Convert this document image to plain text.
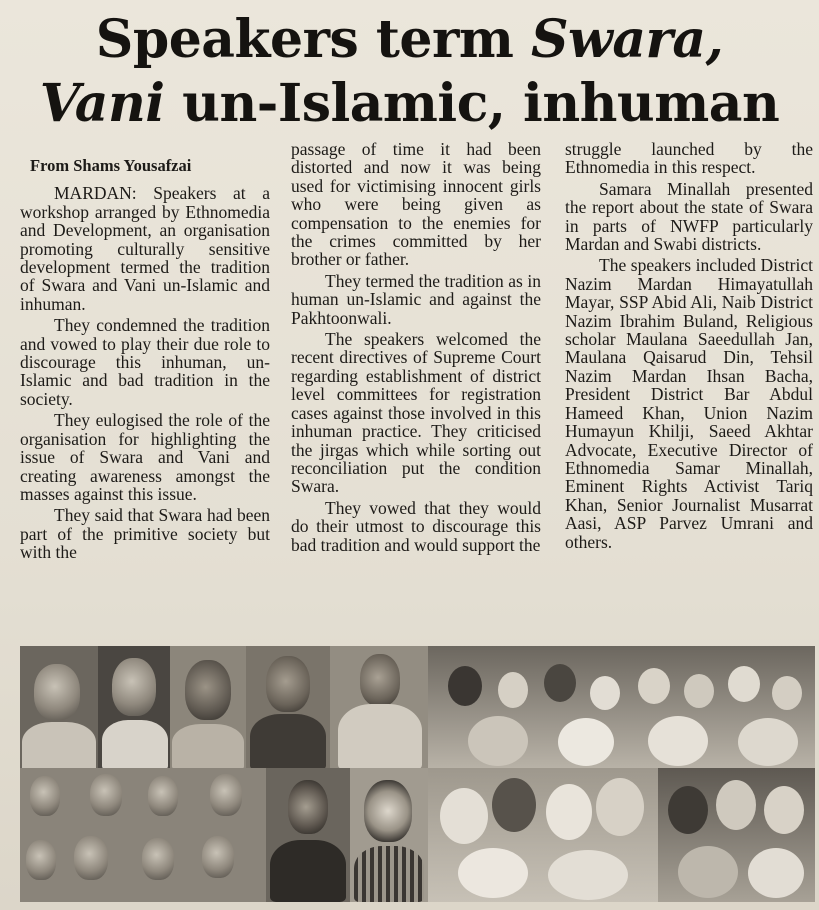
Speakers term Swara,
Vani un-Islamic, inhuman
From Shams Yousafzai

MARDAN: Speakers at a workshop arranged by Ethnomedia and Development, an organisation promoting culturally sensitive development termed the tradition of Swara and Vani un-Islamic and inhuman.

They condemned the tradition and vowed to play their due role to discourage this inhuman, un-Islamic and bad tradition in the society.

They eulogised the role of the organisation for highlighting the issue of Swara and Vani and creating awareness amongst the masses against this issue.

They said that Swara had been part of the primitive society but with the

passage of time it had been distorted and now it was being used for victimising innocent girls who were being given as compensation to the enemies for the crimes committed by her brother or father.

They termed the tradition as in human un-Islamic and against the Pakhtoonwali.

The speakers welcomed the recent directives of Supreme Court regarding establishment of district level committees for registration cases against those involved in this inhuman practice. They criticised the jirgas which while sorting out reconciliation put the condition Swara.

They vowed that they would do their utmost to discourage this bad tradition and would support the

struggle launched by the Ethnomedia in this respect.

Samara Minallah presented the report about the state of Swara in parts of NWFP particularly Mardan and Swabi districts.

The speakers included District Nazim Mardan Himayatullah Mayar, SSP Abid Ali, Naib District Nazim Ibrahim Buland, Religious scholar Maulana Saeedullah Jan, Maulana Qaisarud Din, Tehsil Nazim Mardan Ihsan Bacha, President District Bar Abdul Hameed Khan, Union Nazim Humayun Khilji, Saeed Akhtar Advocate, Executive Director of Ethnomedia Samar Minallah, Eminent Rights Activist Tariq Khan, Senior Journalist Musarrat Aasi, ASP Parvez Umrani and others.
